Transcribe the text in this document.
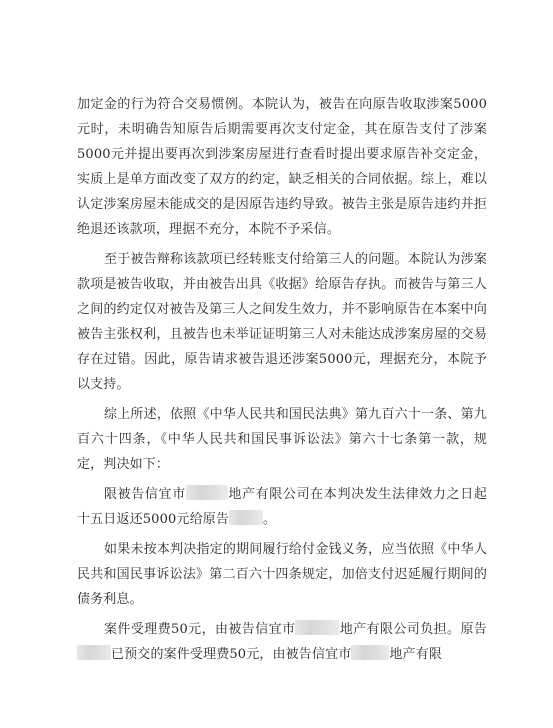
加定金的行为符合交易惯例。本院认为，被告在向原告收取涉案5000元时，未明确告知原告后期需要再次支付定金，其在原告支付了涉案5000元并提出要再次到涉案房屋进行查看时提出要求原告补交定金，实质上是单方面改变了双方的约定，缺乏相关的合同依据。综上，难以认定涉案房屋未能成交的是因原告违约导致。被告主张是原告违约并拒绝退还该款项，理据不充分，本院不予采信。

至于被告辩称该款项已经转账支付给第三人的问题。本院认为涉案款项是被告收取，并由被告出具《收据》给原告存执。而被告与第三人之间的约定仅对被告及第三人之间发生效力，并不影响原告在本案中向被告主张权利，且被告也未举证证明第三人对未能达成涉案房屋的交易存在过错。因此，原告请求被告退还涉案5000元，理据充分，本院予以支持。

综上所述，依照《中华人民共和国民法典》第九百六十一条、第九百六十四条，《中华人民共和国民事诉讼法》第六十七条第一款，规定，判决如下：

限被告信宜市	地产有限公司在本判决发生法律效力之日起十五日返还5000元给原告	。

如果未按本判决指定的期间履行给付金钱义务，应当依照《中华人民共和国民事诉讼法》第二百六十四条规定，加倍支付迟延履行期间的债务利息。

案件受理费50元，由被告信宜市	地产有限公司负担。原告已预交的案件受理费50元，由被告信宜市	地产有限
